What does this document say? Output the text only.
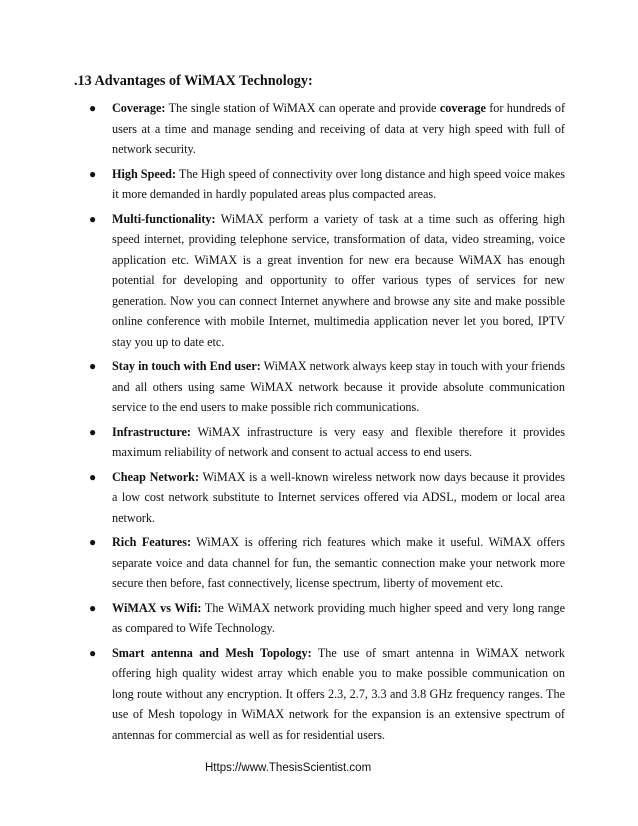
.13 Advantages of WiMAX Technology:
● Coverage: The single station of WiMAX can operate and provide coverage for hundreds of users at a time and manage sending and receiving of data at very high speed with full of network security.
● High Speed: The High speed of connectivity over long distance and high speed voice makes it more demanded in hardly populated areas plus compacted areas.
● Multi-functionality: WiMAX perform a variety of task at a time such as offering high speed internet, providing telephone service, transformation of data, video streaming, voice application etc. WiMAX is a great invention for new era because WiMAX has enough potential for developing and opportunity to offer various types of services for new generation. Now you can connect Internet anywhere and browse any site and make possible online conference with mobile Internet, multimedia application never let you bored, IPTV stay you up to date etc.
● Stay in touch with End user: WiMAX network always keep stay in touch with your friends and all others using same WiMAX network because it provide absolute communication service to the end users to make possible rich communications.
● Infrastructure: WiMAX infrastructure is very easy and flexible therefore it provides maximum reliability of network and consent to actual access to end users.
● Cheap Network: WiMAX is a well-known wireless network now days because it provides a low cost network substitute to Internet services offered via ADSL, modem or local area network.
● Rich Features: WiMAX is offering rich features which make it useful. WiMAX offers separate voice and data channel for fun, the semantic connection make your network more secure then before, fast connectively, license spectrum, liberty of movement etc.
● WiMAX vs Wifi: The WiMAX network providing much higher speed and very long range as compared to Wife Technology.
● Smart antenna and Mesh Topology: The use of smart antenna in WiMAX network offering high quality widest array which enable you to make possible communication on long route without any encryption. It offers 2.3, 2.7, 3.3 and 3.8 GHz frequency ranges. The use of Mesh topology in WiMAX network for the expansion is an extensive spectrum of antennas for commercial as well as for residential users.
Https://www.ThesisScientist.com
